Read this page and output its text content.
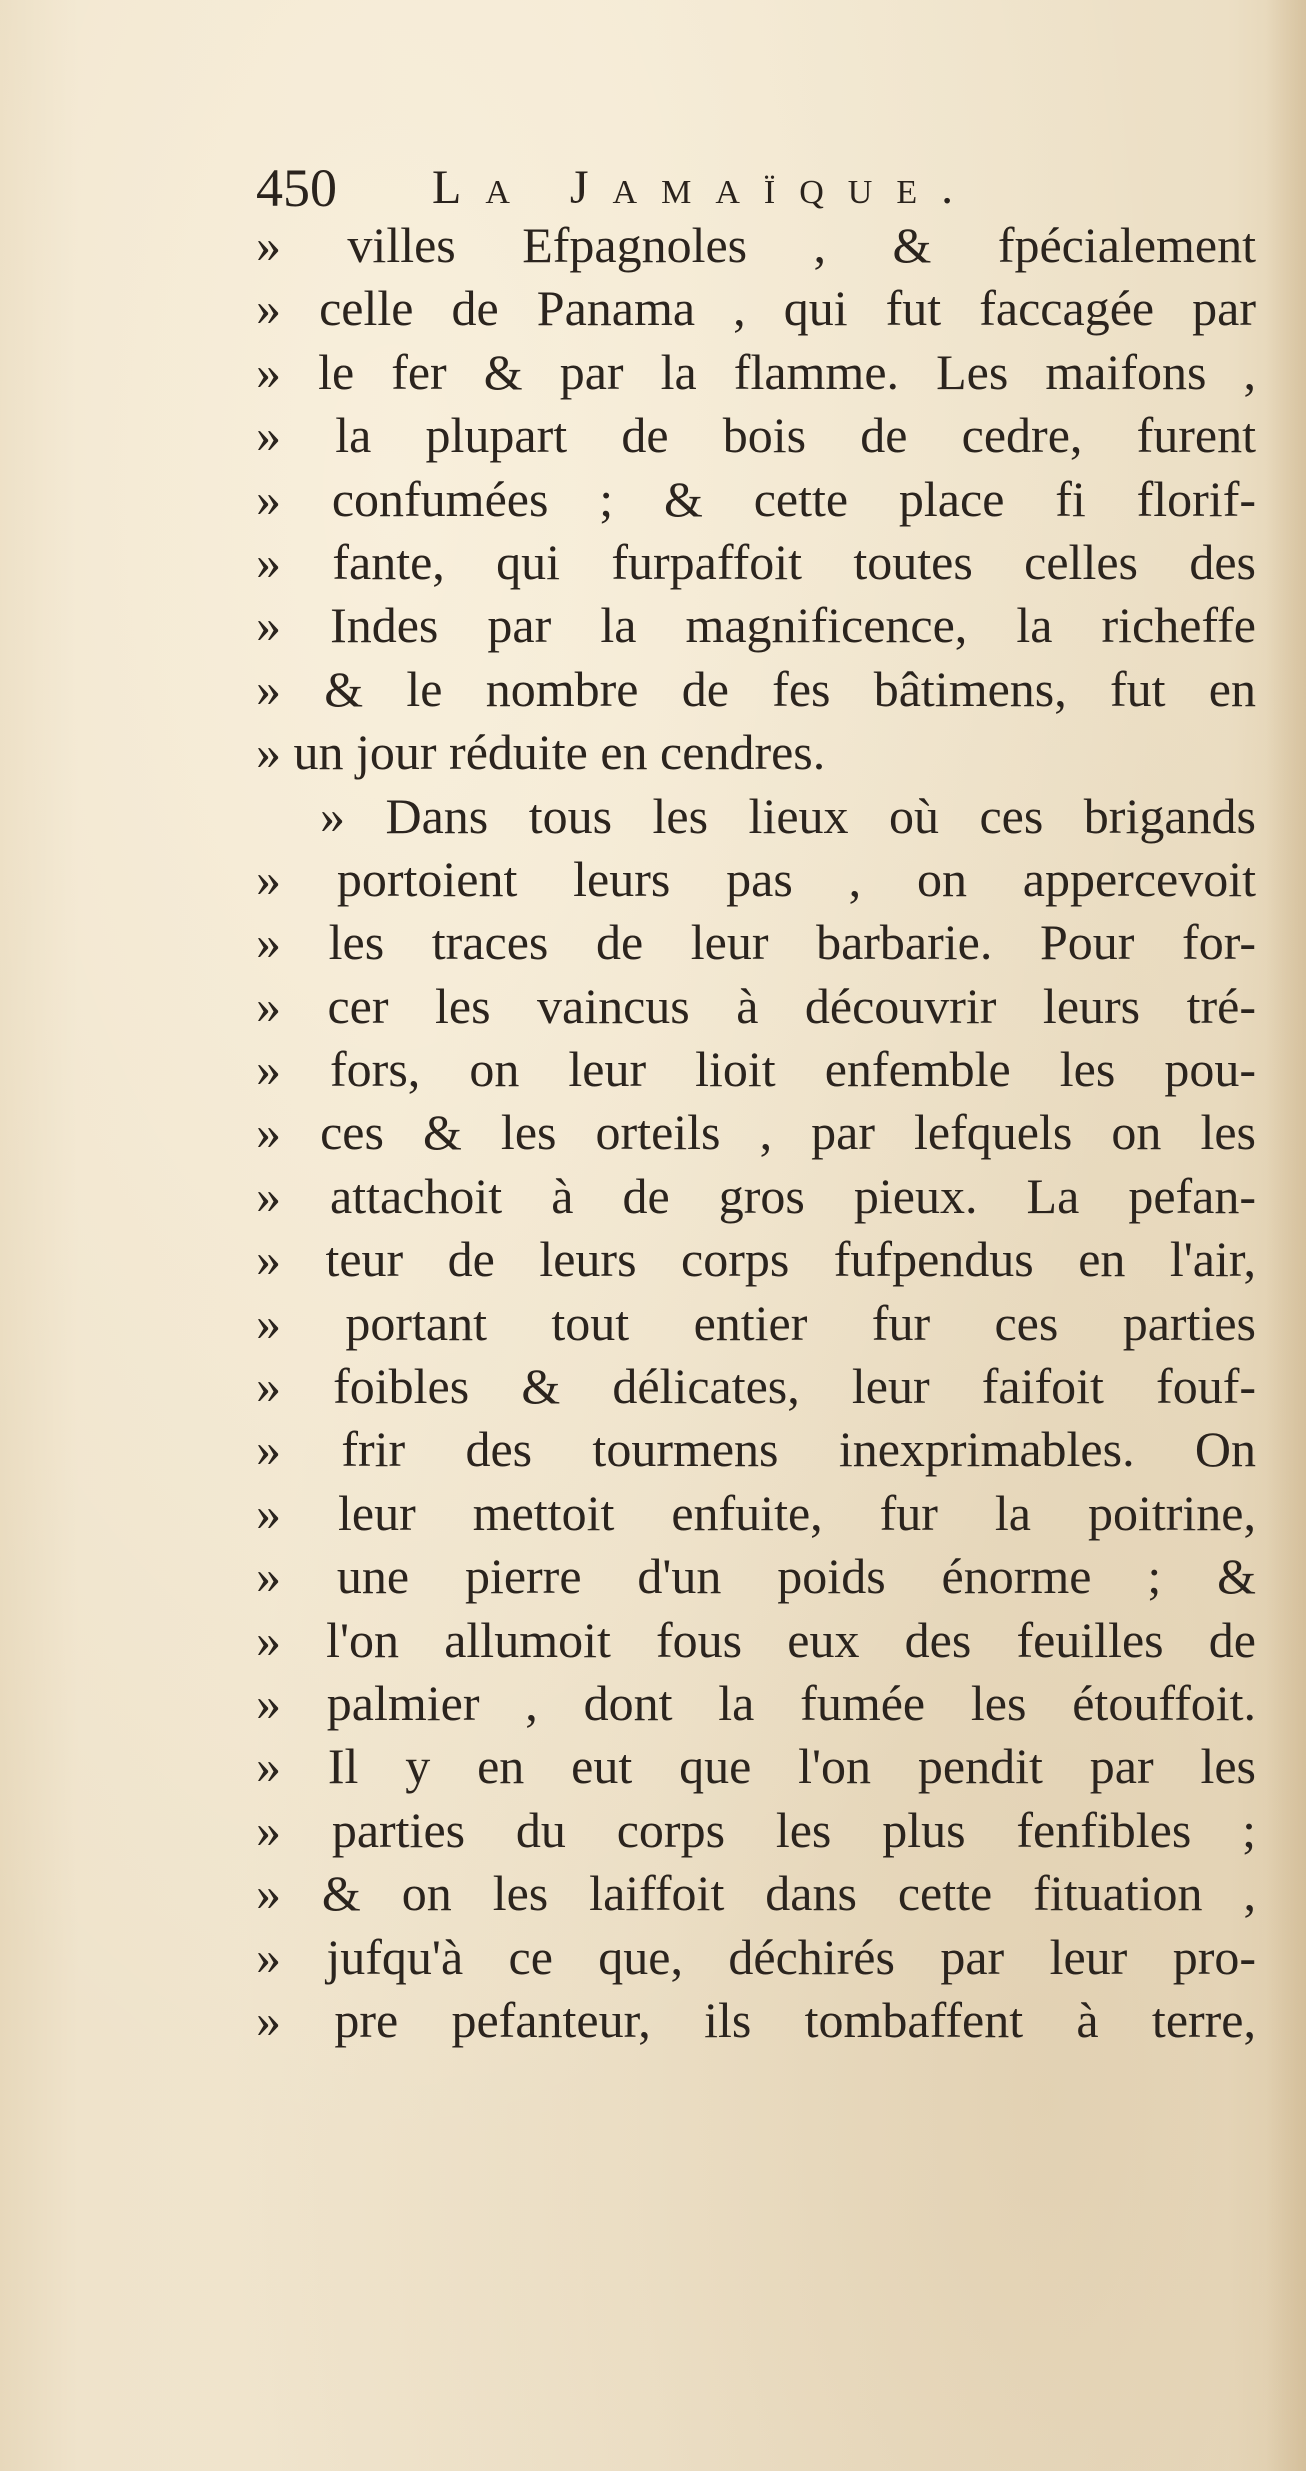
450 La Jamaïque.
» villes Efpagnoles , & fpécialement
» celle de Panama , qui fut faccagée par
» le fer & par la flamme. Les maifons ,
» la plupart de bois de cedre, furent
» confumées ; & cette place fi florif-
» fante, qui furpaffoit toutes celles des
» Indes par la magnificence, la richeffe
» & le nombre de fes bâtimens, fut en
» un jour réduite en cendres.
» Dans tous les lieux où ces brigands
» portoient leurs pas , on appercevoit
» les traces de leur barbarie. Pour for-
» cer les vaincus à découvrir leurs tré-
» fors, on leur lioit enfemble les pou-
» ces & les orteils , par lefquels on les
» attachoit à de gros pieux. La pefan-
» teur de leurs corps fufpendus en l'air,
» portant tout entier fur ces parties
» foibles & délicates, leur faifoit fouf-
» frir des tourmens inexprimables. On
» leur mettoit enfuite, fur la poitrine,
» une pierre d'un poids énorme ; &
» l'on allumoit fous eux des feuilles de
» palmier , dont la fumée les étouffoit.
» Il y en eut que l'on pendit par les
» parties du corps les plus fenfibles ;
» & on les laiffoit dans cette fituation ,
» jufqu'à ce que, déchirés par leur pro-
» pre pefanteur, ils tombaffent à terre,
